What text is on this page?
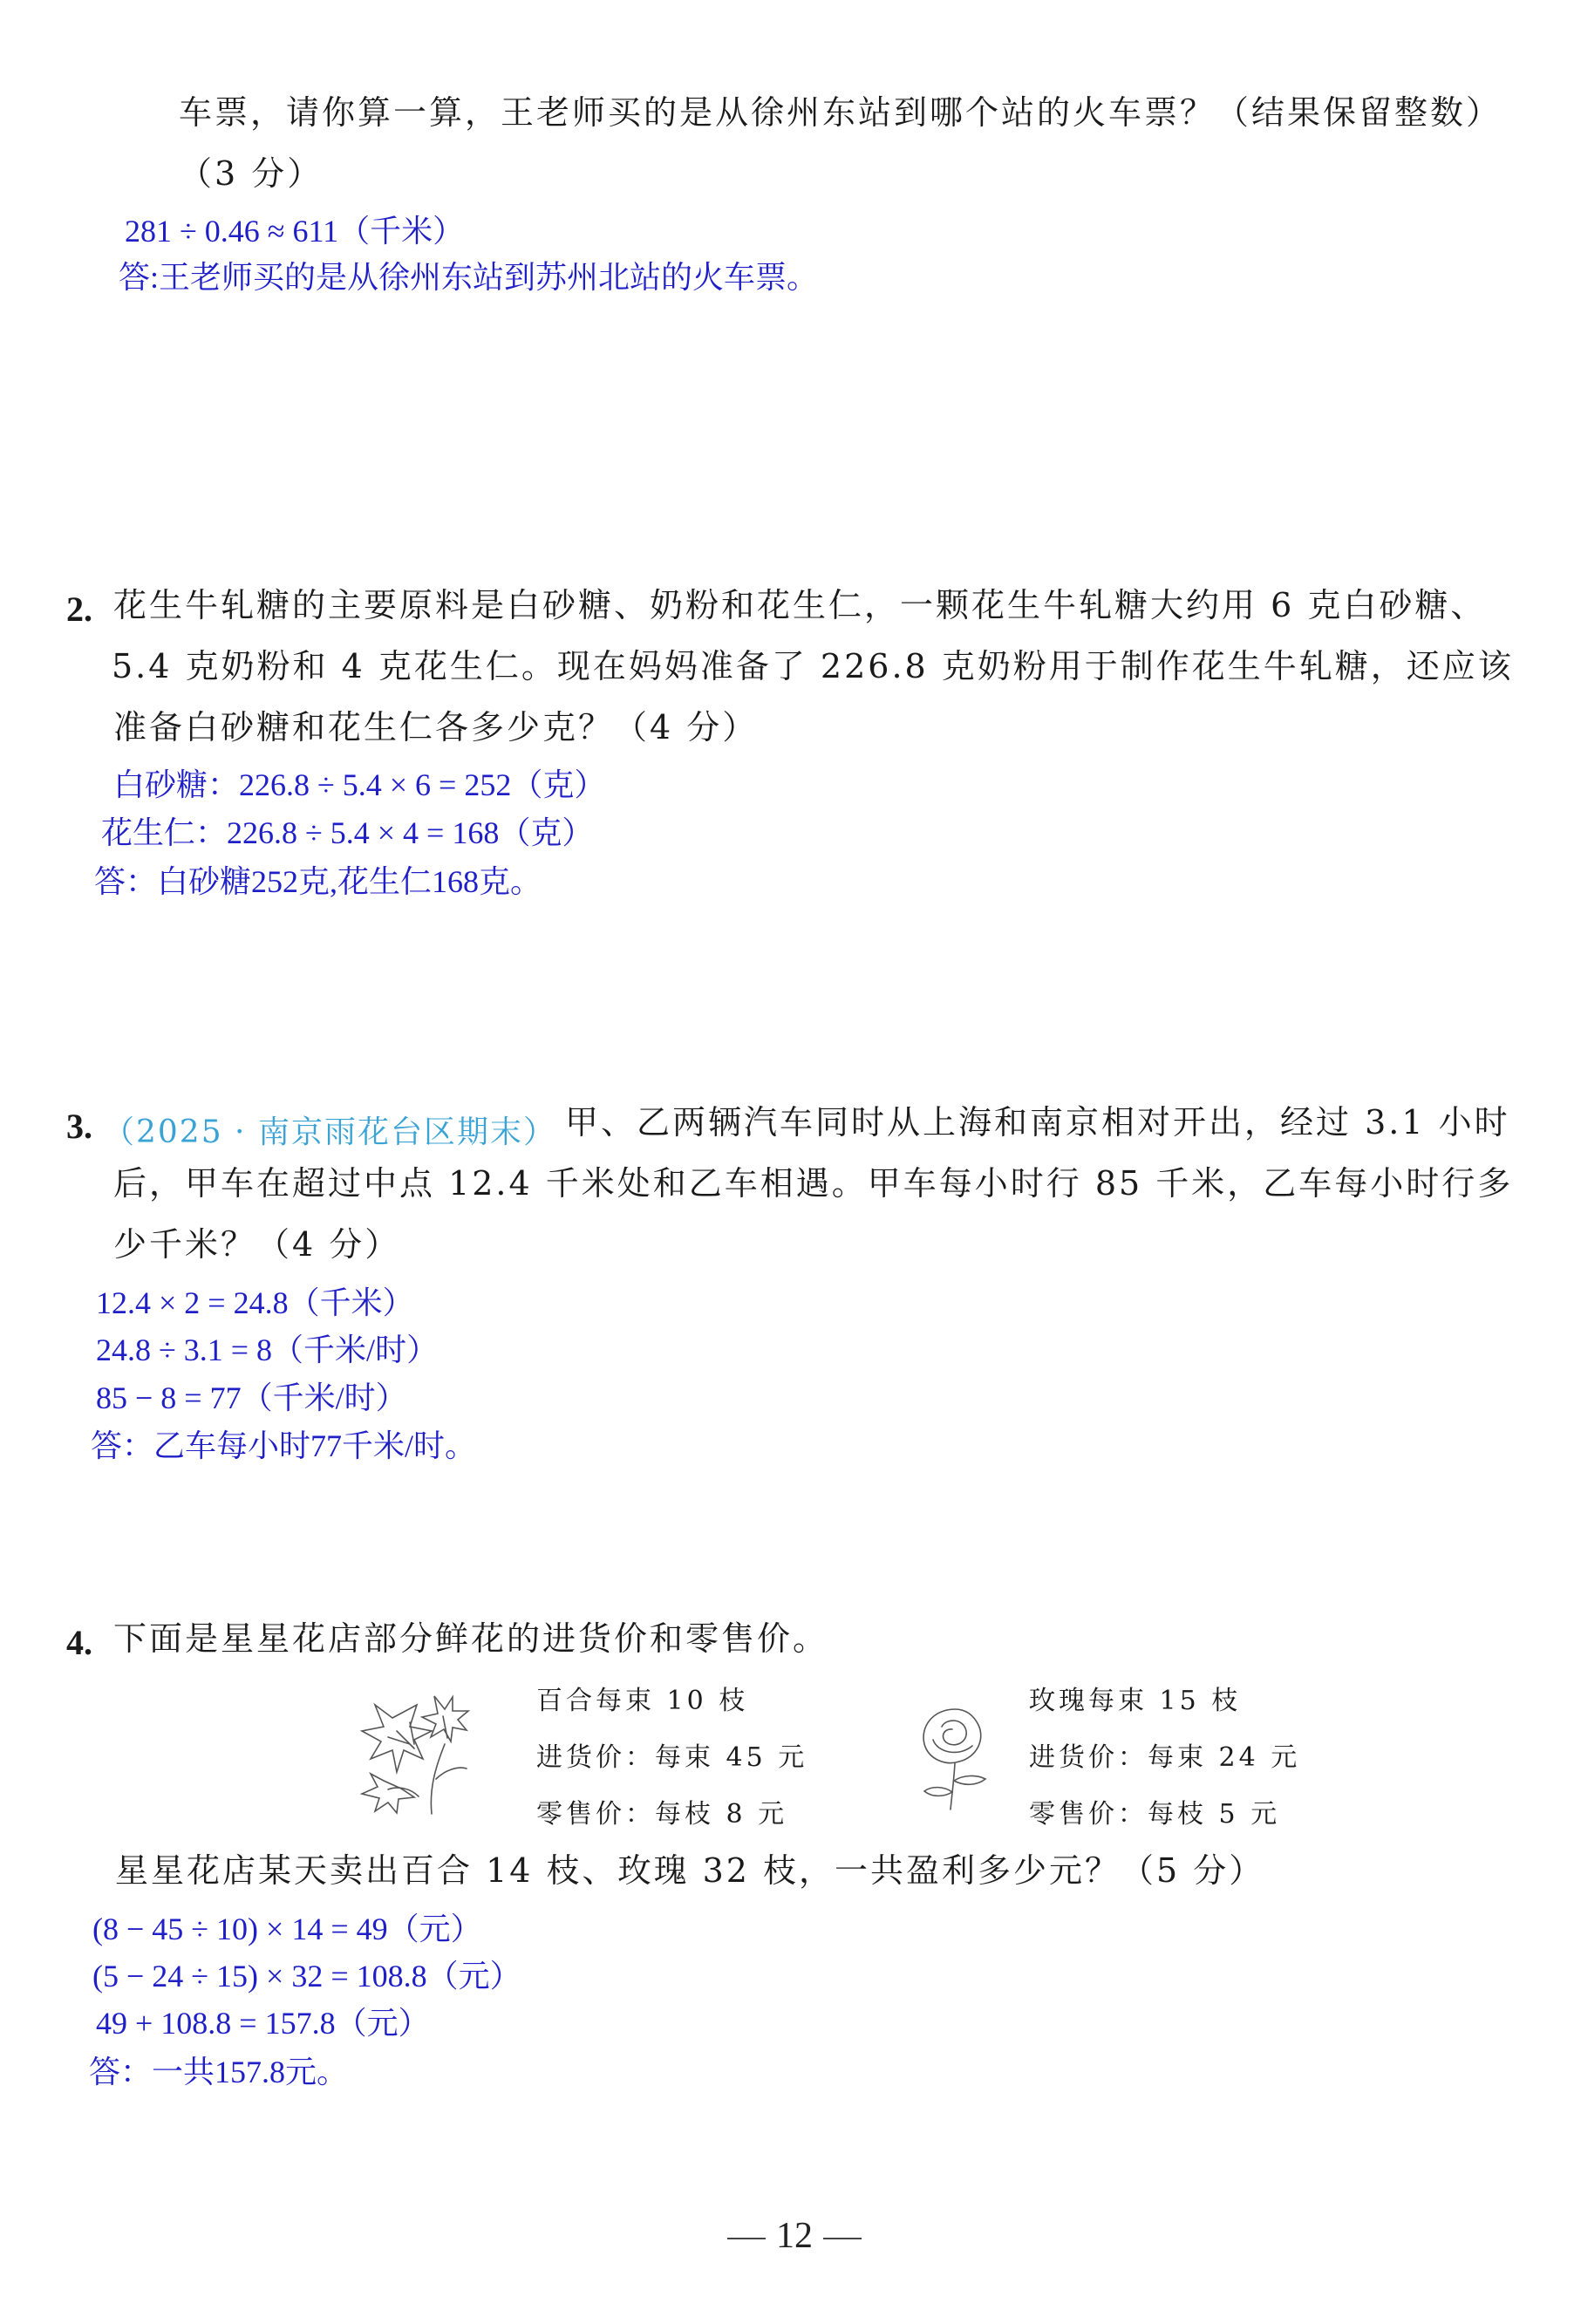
车票，请你算一算，王老师买的是从徐州东站到哪个站的火车票？（结果保留整数）
（3 分）
281 ÷ 0.46 ≈ 611（千米）
答:王老师买的是从徐州东站到苏州北站的火车票。
2. 花生牛轧糖的主要原料是白砂糖、奶粉和花生仁，一颗花生牛轧糖大约用 6 克白砂糖、
5.4 克奶粉和 4 克花生仁。现在妈妈准备了 226.8 克奶粉用于制作花生牛轧糖，还应该
准备白砂糖和花生仁各多少克？（4 分）
白砂糖：226.8 ÷ 5.4 × 6 = 252（克）
花生仁：226.8 ÷ 5.4 × 4 = 168（克）
答：白砂糖252克,花生仁168克。
3. （2025 · 南京雨花台区期末） 甲、乙两辆汽车同时从上海和南京相对开出，经过 3.1 小时
后，甲车在超过中点 12.4 千米处和乙车相遇。甲车每小时行 85 千米，乙车每小时行多
少千米？（4 分）
12.4 × 2 = 24.8（千米）
24.8 ÷ 3.1 = 8（千米/时）
85 − 8 = 77（千米/时）
答：乙车每小时77千米/时。
4. 下面是星星花店部分鲜花的进货价和零售价。
百合每束 10 枝
进货价：每束 45 元
零售价：每枝 8 元
玫瑰每束 15 枝
进货价：每束 24 元
零售价：每枝 5 元
星星花店某天卖出百合 14 枝、玫瑰 32 枝，一共盈利多少元？（5 分）
(8 − 45 ÷ 10) × 14 = 49（元）
(5 − 24 ÷ 15) × 32 = 108.8（元）
49 + 108.8 = 157.8（元）
答：一共157.8元。
12
